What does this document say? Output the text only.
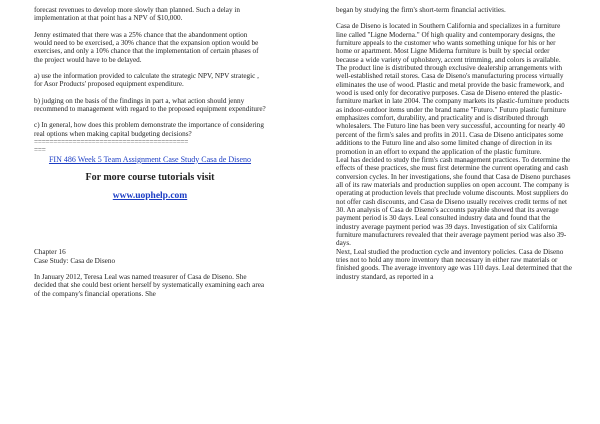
forecast revenues to develop more slowly than planned. Such a delay in implementation at that point has a NPV of $10,000.

Jenny estimated that there was a 25% chance that the abandonment option would need to be exercised, a 30% chance that the expansion option would be exercises, and only a 10% chance that the implementation of certain phases of the project would have to be delayed.

a) use the information provided to calculate the strategic NPV, NPV strategic , for Asor Products' proposed equipment expenditure.

b) judging on the basis of the findings in part a, what action should jenny recommend to management with regard to the proposed equipment expenditure?

c) In general, how does this problem demonstrate the importance of considering real options when making capital budgeting decisions?

========================================

===

FIN 486 Week 5 Team Assignment Case Study Casa de Diseno

For more course tutorials visit

www.uophelp.com

Chapter 16

Case Study: Casa de Diseno

In January 2012, Teresa Leal was named treasurer of Casa de Diseno. She decided that she could best orient herself by systematically examining each area of the company's financial operations. She

began by studying the firm's short-term financial activities.

Casa de Diseno is located in Southern California and specializes in a furniture line called "Ligne Moderna." Of high quality and contemporary designs, the furniture appeals to the customer who wants something unique for his or her home or apartment. Most Ligne Miderna furniture is built by special order because a wide variety of upholstery, accent trimming, and colors is available. The product line is distributed through exclusive dealership arrangements with well-established retail stores. Casa de Diseno's manufacturing process virtually eliminates the use of wood. Plastic and metal provide the basic framework, and wood is used only for decorative purposes. Casa de Diseno entered the plastic-furniture market in late 2004. The company markets its plastic-furniture products as indoor-outdoor items under the brand name "Futuro." Futuro plastic furniture emphasizes comfort, durability, and practicality and is distributed through wholesalers. The Futuro line has been very successful, accounting for nearly 40 percent of the firm's sales and profits in 2011. Casa de Diseno anticipates some additions to the Futuro line and also some limited change of direction in its promotion in an effort to expand the application of the plastic furniture.

Leal has decided to study the firm's cash management practices. To determine the effects of these practices, she must first determine the current operating and cash conversion cycles. In her investigations, she found that Casa de Diseno purchases all of its raw materials and production supplies on open account. The company is operating at production levels that preclude volume discounts. Most suppliers do not offer cash discounts, and Casa de Diseno usually receives credit terms of net 30. An analysis of Casa de Diseno's accounts payable showed that its average payment period is 30 days. Leal consulted industry data and found that the industry average payment period was 39 days. Investigation of six California furniture manufacturers revealed that their average payment period was also 39- days.

Next, Leal studied the production cycle and inventory policies. Casa de Diseno tries not to hold any more inventory than necessary in either raw materials or finished goods. The average inventory age was 110 days. Leal determined that the industry standard, as reported in a
